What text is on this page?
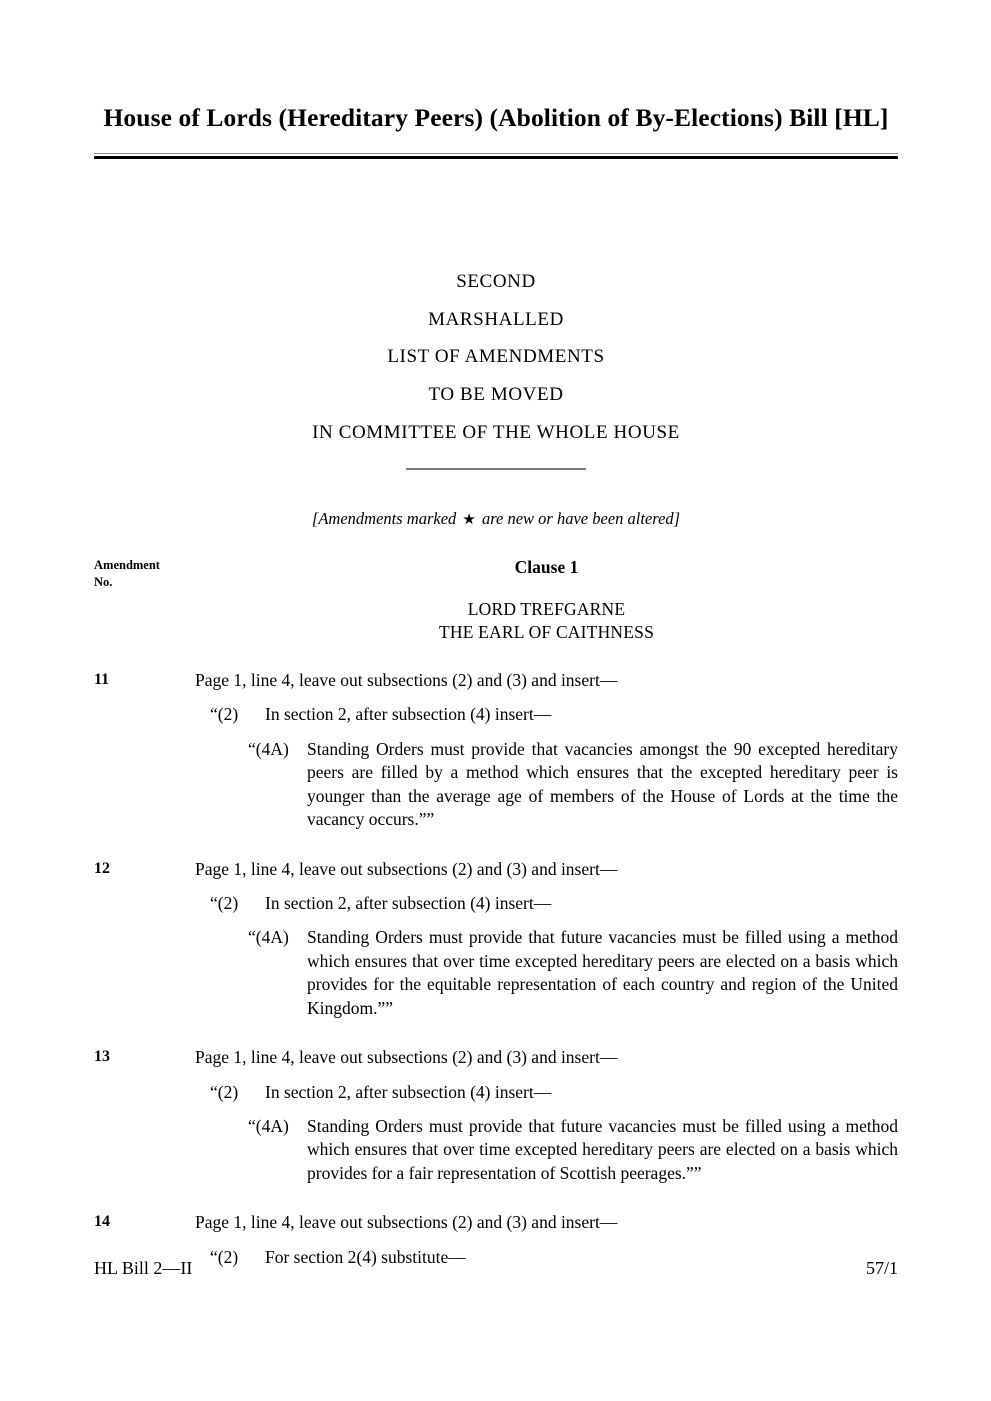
House of Lords (Hereditary Peers) (Abolition of By-Elections) Bill [HL]
SECOND
MARSHALLED
LIST OF AMENDMENTS
TO BE MOVED
IN COMMITTEE OF THE WHOLE HOUSE
[Amendments marked ★ are new or have been altered]
Amendment
No.
Clause 1
LORD TREFGARNE
THE EARL OF CAITHNESS
11	Page 1, line 4, leave out subsections (2) and (3) and insert—
“(2) In section 2, after subsection (4) insert—
“(4A) Standing Orders must provide that vacancies amongst the 90 excepted hereditary peers are filled by a method which ensures that the excepted hereditary peer is younger than the average age of members of the House of Lords at the time the vacancy occurs.””
12	Page 1, line 4, leave out subsections (2) and (3) and insert—
“(2) In section 2, after subsection (4) insert—
“(4A) Standing Orders must provide that future vacancies must be filled using a method which ensures that over time excepted hereditary peers are elected on a basis which provides for the equitable representation of each country and region of the United Kingdom.””
13	Page 1, line 4, leave out subsections (2) and (3) and insert—
“(2) In section 2, after subsection (4) insert—
“(4A) Standing Orders must provide that future vacancies must be filled using a method which ensures that over time excepted hereditary peers are elected on a basis which provides for a fair representation of Scottish peerages.””
14	Page 1, line 4, leave out subsections (2) and (3) and insert—
“(2) For section 2(4) substitute—
HL Bill 2—II	57/1
